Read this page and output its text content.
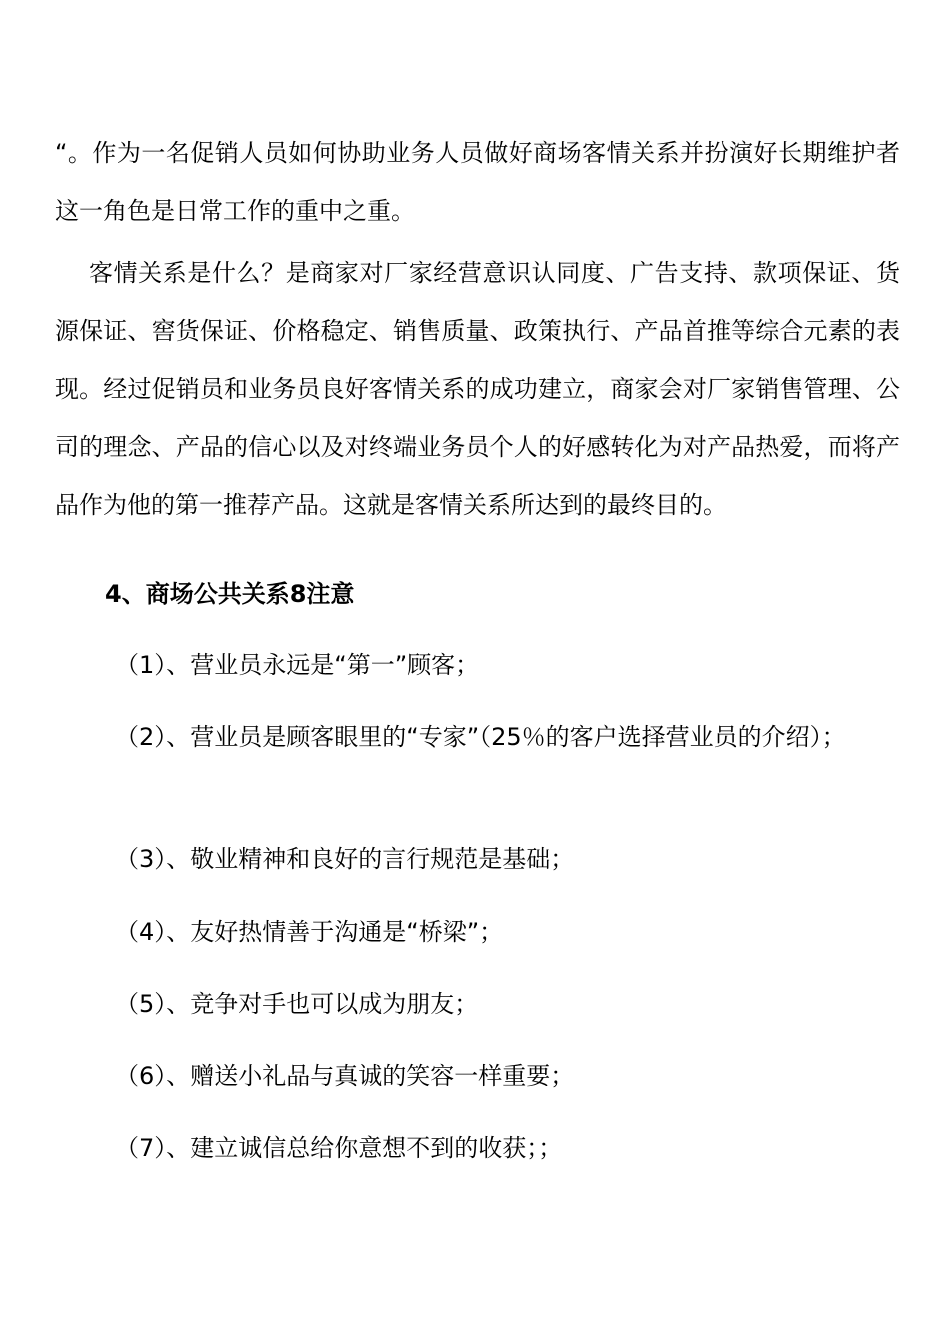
“。作为一名促销人员如何协助业务人员做好商场客情关系并扮演好长期维护者这一角色是日常工作的重中之重。

客情关系是什么？是商家对厂家经营意识认同度、广告支持、款项保证、货源保证、窖货保证、价格稳定、销售质量、政策执行、产品首推等综合元素的表现。经过促销员和业务员良好客情关系的成功建立，商家会对厂家销售管理、公司的理念、产品的信心以及对终端业务员个人的好感转化为对产品热爱，而将产品作为他的第一推荐产品。这就是客情关系所达到的最终目的。

4、商场公共关系8注意

（1）、营业员永远是“第一”顾客；

（2）、营业员是顾客眼里的“专家”（25％的客户选择营业员的介绍）；

（3）、敬业精神和良好的言行规范是基础；

（4）、友好热情善于沟通是“桥梁”；

（5）、竞争对手也可以成为朋友；

（6）、赠送小礼品与真诚的笑容一样重要；

（7）、建立诚信总给你意想不到的收获；；
